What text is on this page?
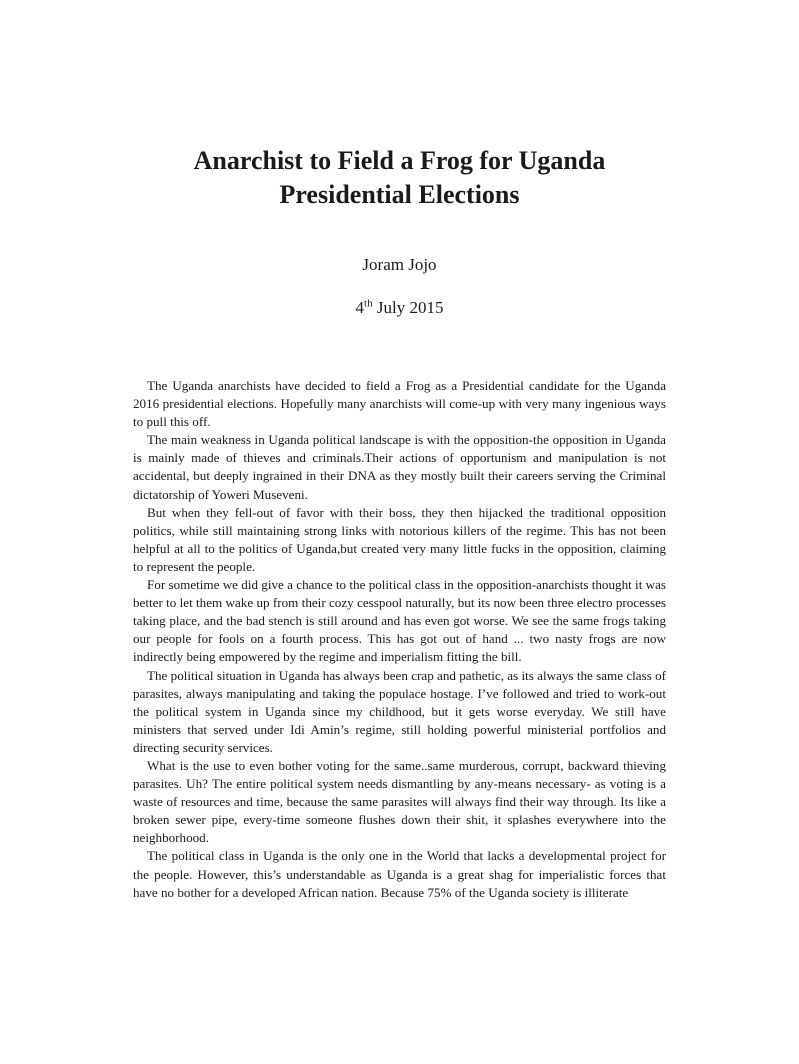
Anarchist to Field a Frog for Uganda
Presidential Elections
Joram Jojo
4th July 2015

The Uganda anarchists have decided to field a Frog as a Presidential candidate for the Uganda 2016 presidential elections. Hopefully many anarchists will come-up with very many ingenious ways to pull this off.

The main weakness in Uganda political landscape is with the opposition-the opposition in Uganda is mainly made of thieves and criminals.Their actions of opportunism and manipulation is not accidental, but deeply ingrained in their DNA as they mostly built their careers serving the Criminal dictatorship of Yoweri Museveni.

But when they fell-out of favor with their boss, they then hijacked the traditional opposition politics, while still maintaining strong links with notorious killers of the regime. This has not been helpful at all to the politics of Uganda,but created very many little fucks in the opposition, claiming to represent the people.

For sometime we did give a chance to the political class in the opposition-anarchists thought it was better to let them wake up from their cozy cesspool naturally, but its now been three electro processes taking place, and the bad stench is still around and has even got worse. We see the same frogs taking our people for fools on a fourth process. This has got out of hand ... two nasty frogs are now indirectly being empowered by the regime and imperialism fitting the bill.

The political situation in Uganda has always been crap and pathetic, as its always the same class of parasites, always manipulating and taking the populace hostage. I’ve followed and tried to work-out the political system in Uganda since my childhood, but it gets worse everyday. We still have ministers that served under Idi Amin’s regime, still holding powerful ministerial portfolios and directing security services.

What is the use to even bother voting for the same..same murderous, corrupt, backward thieving parasites. Uh? The entire political system needs dismantling by any-means necessary- as voting is a waste of resources and time, because the same parasites will always find their way through. Its like a broken sewer pipe, every-time someone flushes down their shit, it splashes everywhere into the neighborhood.

The political class in Uganda is the only one in the World that lacks a developmental project for the people. However, this’s understandable as Uganda is a great shag for imperialistic forces that have no bother for a developed African nation. Because 75% of the Uganda society is illiterate
